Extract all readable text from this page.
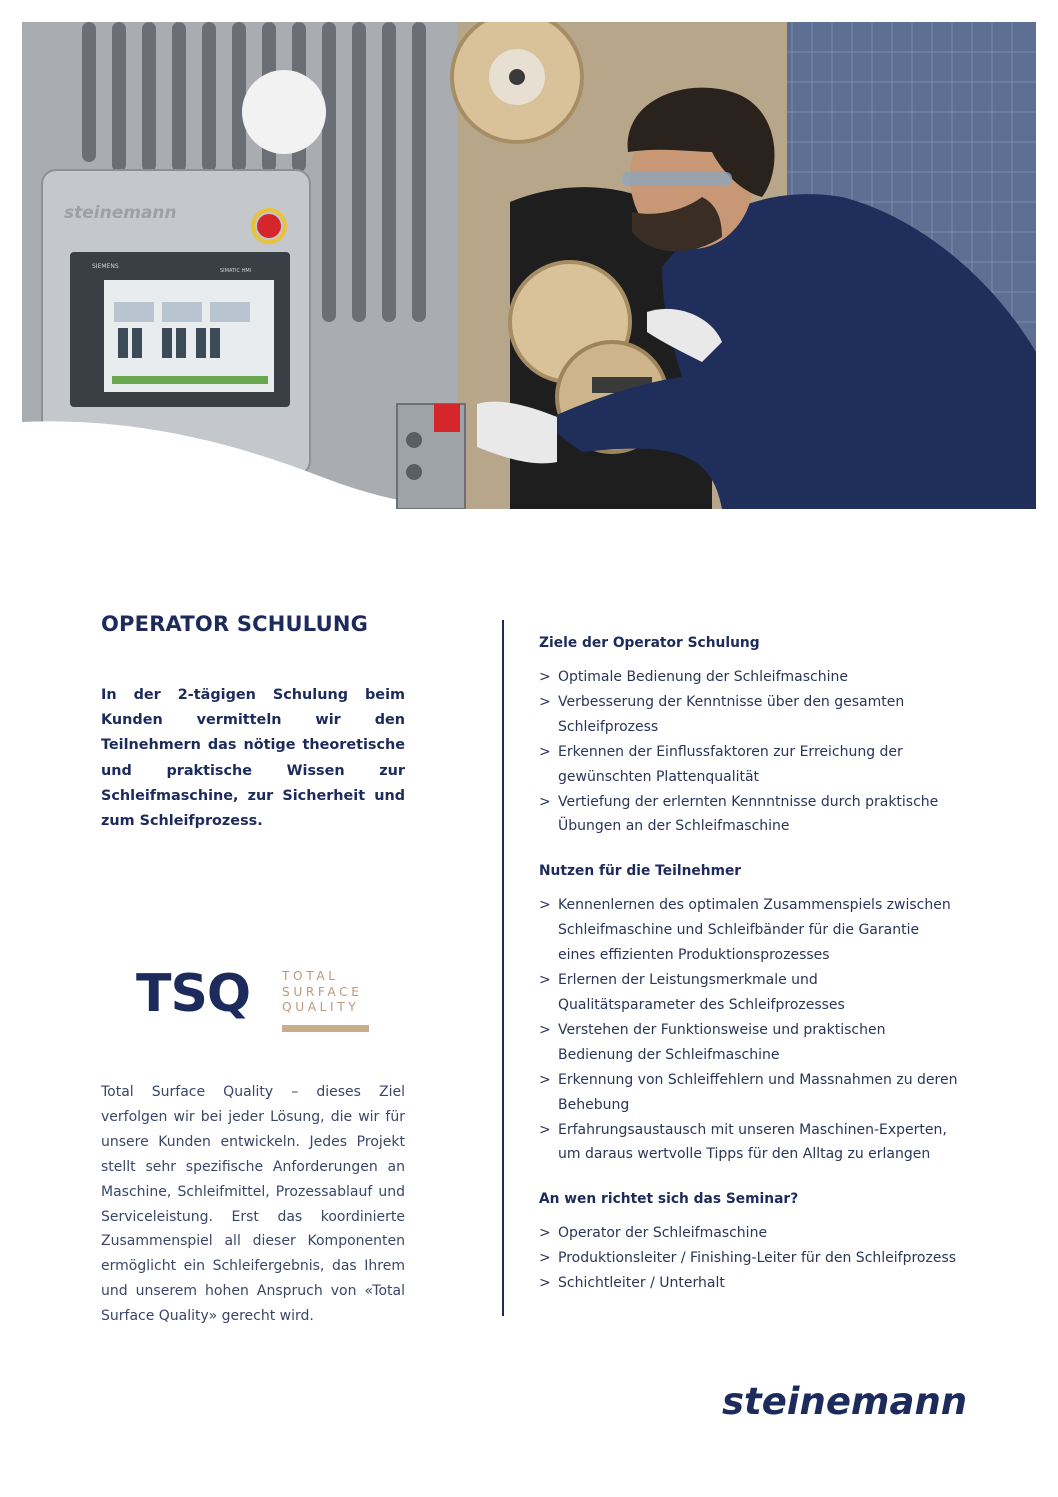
steinemann
SIEMENS
SIMATIC HMI
OPERATOR SCHULUNG

In der 2-tägigen Schulung beim Kunden vermitteln wir den Teilnehmern das nötige theoretische und praktische Wissen zur Schleifmaschine, zur Sicherheit und zum Schleifprozess.

TSQ	TOTAL
SURFACE
QUALITY

Total Surface Quality – dieses Ziel verfolgen wir bei jeder Lösung, die wir für unsere Kunden entwickeln. Jedes Projekt stellt sehr spezifische Anforderungen an Maschine, Schleifmittel, Prozessablauf und Serviceleistung. Erst das koordinierte Zusammenspiel all dieser Komponenten ermöglicht ein Schleifergebnis, das Ihrem und unserem hohen Anspruch von «Total Surface Quality» gerecht wird.

Ziele der Operator Schulung
> Optimale Bedienung der Schleifmaschine
> Verbesserung der Kenntnisse über den gesamten Schleifprozess
> Erkennen der Einflussfaktoren zur Erreichung der gewünschten Plattenqualität
> Vertiefung der erlernten Kennntnisse durch praktische Übungen an der Schleifmaschine
Nutzen für die Teilnehmer
> Kennenlernen des optimalen Zusammenspiels zwischen Schleifmaschine und Schleifbänder für die Garantie eines effizienten Produktionsprozesses
> Erlernen der Leistungsmerkmale und Qualitätsparameter des Schleifprozesses
> Verstehen der Funktionsweise und praktischen Bedienung der Schleifmaschine
> Erkennung von Schleiffehlern und Massnahmen zu deren Behebung
> Erfahrungsaustausch mit unseren Maschinen-Experten, um daraus wertvolle Tipps für den Alltag zu erlangen
An wen richtet sich das Seminar?
> Operator der Schleifmaschine
> Produktionsleiter / Finishing-Leiter für den Schleifprozess
> Schichtleiter / Unterhalt
steinemann
